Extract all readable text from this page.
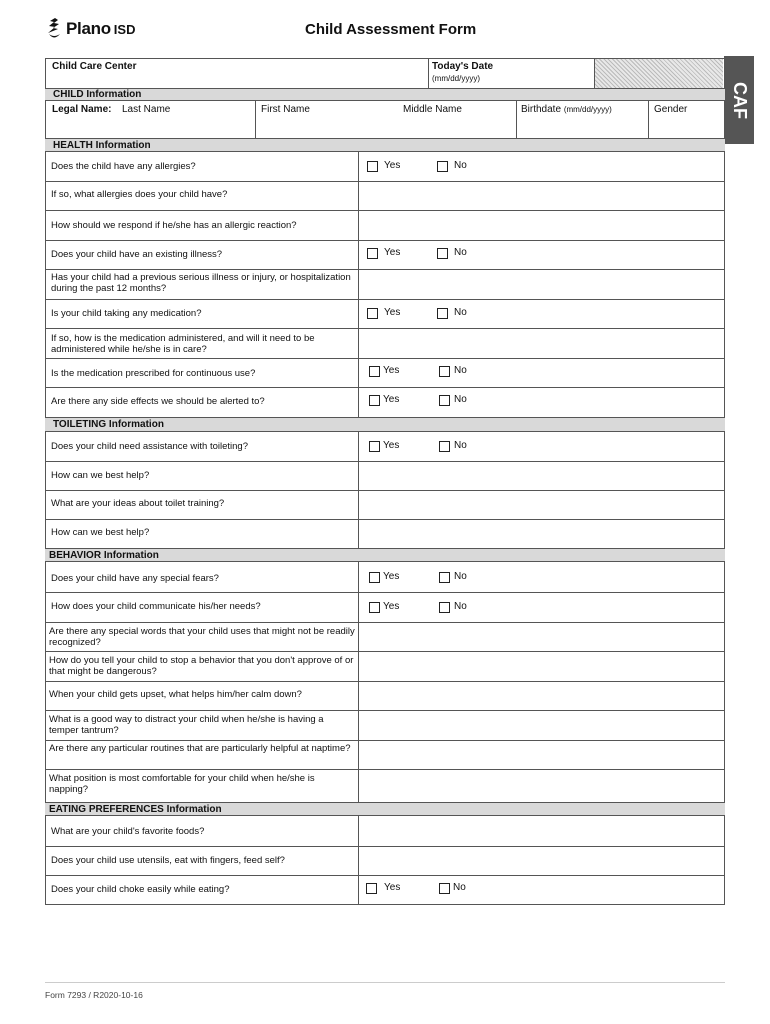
Plano ISD	Child Assessment Form
CAF
Child Care Center	Today's Date
(mm/dd/yyyy)
CHILD Information
Legal Name: Last Name	First Name	Middle Name	Birthdate (mm/dd/yyyy)	Gender
HEALTH Information
Does the child have any allergies?	Yes	No
If so, what allergies does your child have?
How should we respond if he/she has an allergic reaction?
Does your child have an existing illness?	Yes	No
Has your child had a previous serious illness or injury, or hospitalization during the past 12 months?
Is your child taking any medication?	Yes	No
If so, how is the medication administered, and will it need to be administered while he/she is in care?
Is the medication prescribed for continuous use?	Yes	No
Are there any side effects we should be alerted to?	Yes	No
TOILETING Information
Does your child need assistance with toileting?	Yes	No
How can we best help?
What are your ideas about toilet training?
How can we best help?
BEHAVIOR Information
Does your child have any special fears?	Yes	No
How does your child communicate his/her needs?	Yes	No
Are there any special words that your child uses that might not be readily recognized?
How do you tell your child to stop a behavior that you don't approve of or that might be dangerous?
When your child gets upset, what helps him/her calm down?
What is a good way to distract your child when he/she is having a temper tantrum?
Are there any particular routines that are particularly helpful at naptime?
What position is most comfortable for your child when he/she is napping?
EATING PREFERENCES Information
What are your child's favorite foods?
Does your child use utensils, eat with fingers, feed self?
Does your child choke easily while eating?	Yes	No
Form 7293 / R2020-10-16
